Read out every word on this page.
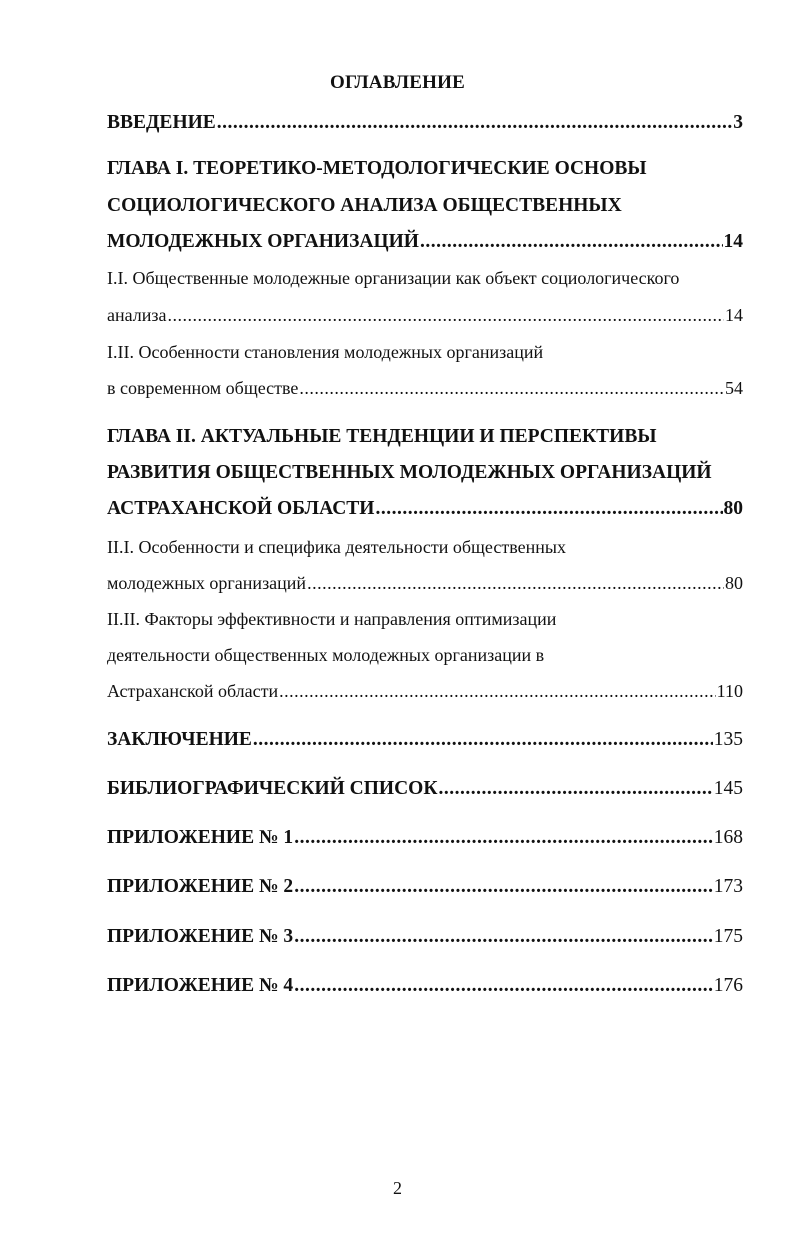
ОГЛАВЛЕНИЕ
ВВЕДЕНИЕ .....	3
ГЛАВА I. ТЕОРЕТИКО-МЕТОДОЛОГИЧЕСКИЕ ОСНОВЫ
СОЦИОЛОГИЧЕСКОГО АНАЛИЗА ОБЩЕСТВЕННЫХ
МОЛОДЕЖНЫХ ОРГАНИЗАЦИЙ .....	14
I.I. Общественные молодежные организации как объект социологического
анализа .....	14
I.II. Особенности становления молодежных организаций
в современном обществе .....	54
ГЛАВА II. АКТУАЛЬНЫЕ ТЕНДЕНЦИИ И ПЕРСПЕКТИВЫ
РАЗВИТИЯ ОБЩЕСТВЕННЫХ МОЛОДЕЖНЫХ ОРГАНИЗАЦИЙ
АСТРАХАНСКОЙ ОБЛАСТИ .....	80
II.I. Особенности и специфика деятельности общественных
молодежных организаций .....	80
II.II. Факторы эффективности и направления оптимизации
деятельности общественных молодежных организации в
Астраханской области .....	110
ЗАКЛЮЧЕНИЕ .....	135
БИБЛИОГРАФИЧЕСКИЙ СПИСОК .....	145
ПРИЛОЖЕНИЕ № 1 .....	168
ПРИЛОЖЕНИЕ № 2 .....	173
ПРИЛОЖЕНИЕ № 3 .....	175
ПРИЛОЖЕНИЕ № 4 .....	176
2
